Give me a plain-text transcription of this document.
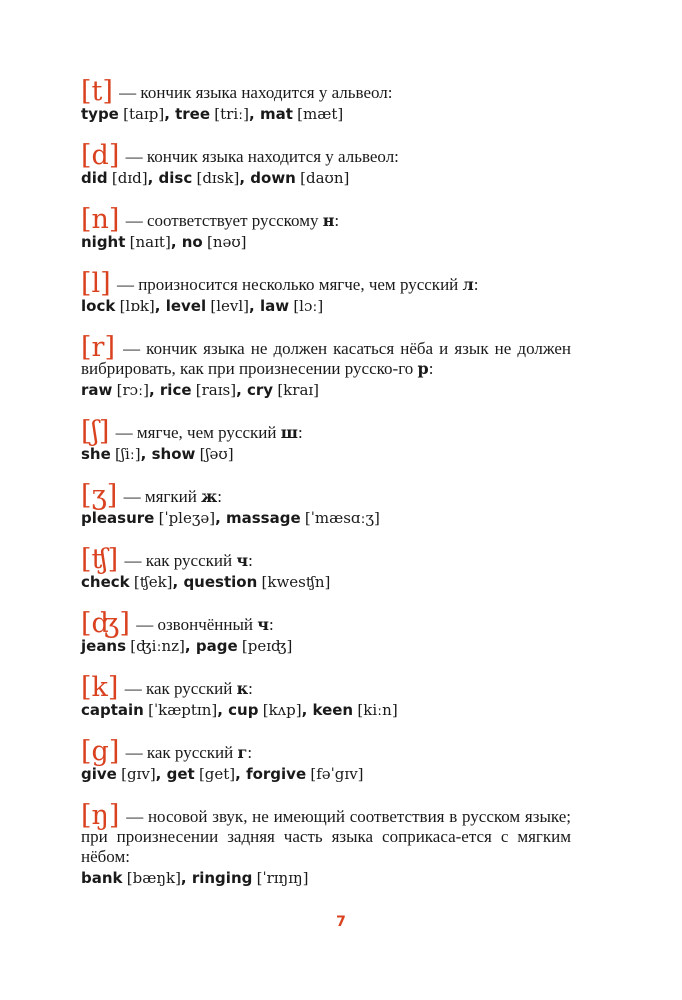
[t] — кончик языка находится у альвеол:
type [taɪp], tree [triː], mat [mæt]
[d] — кончик языка находится у альвеол:
did [dɪd], disc [dɪsk], down [daʊn]
[n] — соответствует русскому н:
night [naɪt], no [nəʊ]
[l] — произносится несколько мягче, чем русский л:
lock [lɒk], level [levl], law [lɔː]
[r] — кончик языка не должен касаться нёба и язык не должен вибрировать, как при произнесении русско-го р:
raw [rɔː], rice [raɪs], cry [kraɪ]
[ʃ] — мягче, чем русский ш:
she [ʃiː], show [ʃəʊ]
[ʒ] — мягкий ж:
pleasure [ˈpleʒə], massage [ˈmæsɑːʒ]
[ʧ] — как русский ч:
check [ʧek], question [kwesʧn]
[ʤ] — озвончённый ч:
jeans [ʤiːnz], page [peɪʤ]
[k] — как русский к:
captain [ˈkæptɪn], cup [kʌp], keen [kiːn]
[g] — как русский г:
give [gɪv], get [get], forgive [fəˈgɪv]
[ŋ] — носовой звук, не имеющий соответствия в русском языке; при произнесении задняя часть языка соприкаса-ется с мягким нёбом:
bank [bæŋk], ringing [ˈrɪŋɪŋ]
7
